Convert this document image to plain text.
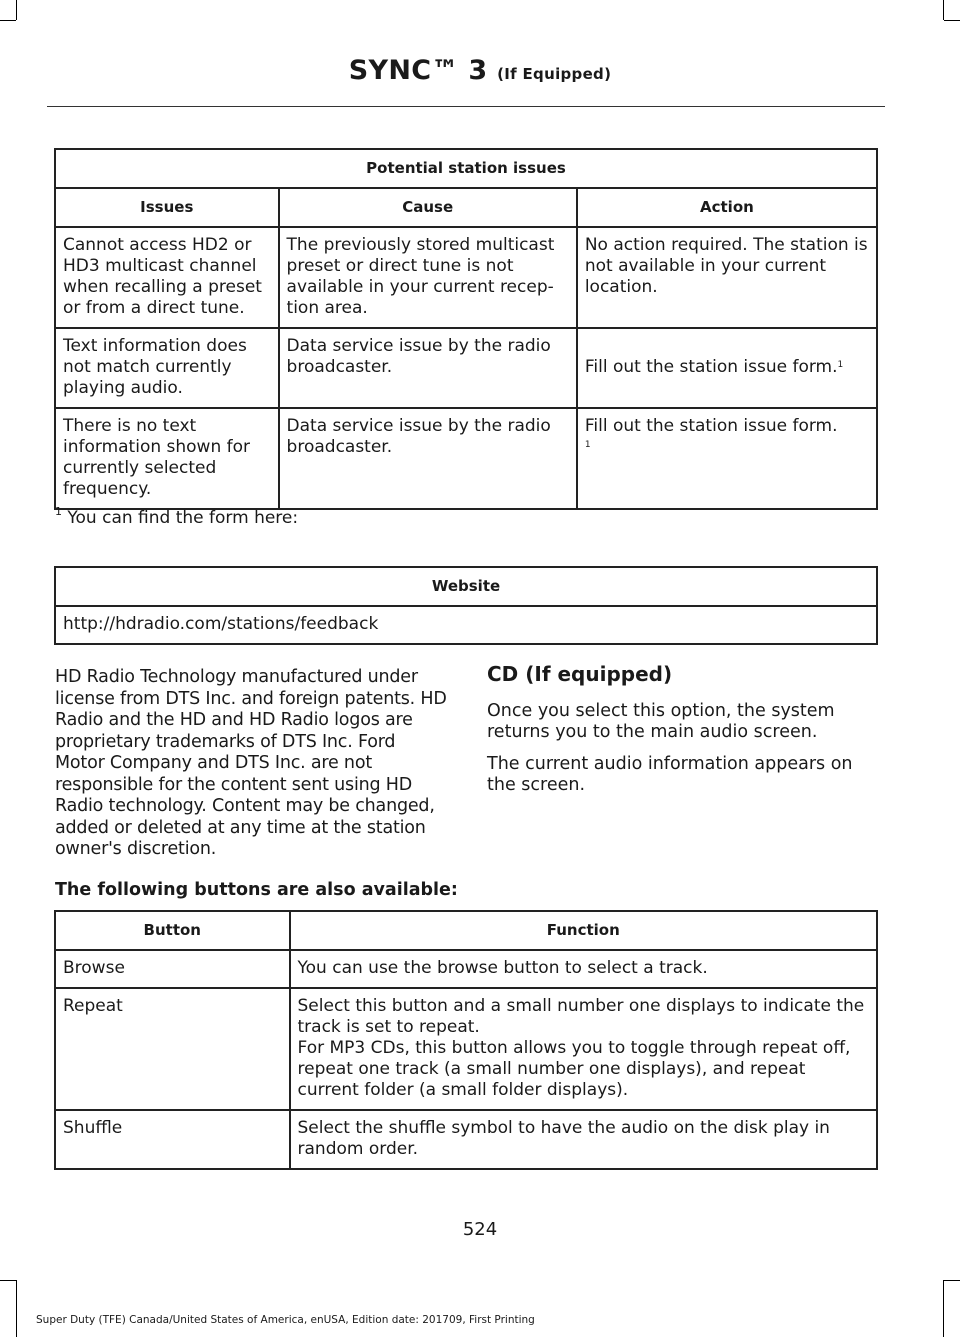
SYNC™ 3 (If Equipped)
Potential station issues		
Issues	Cause	Action
Cannot access HD2 or HD3 multicast channel when recalling a preset or from a direct tune.	The previously stored multicast preset or direct tune is not available in your current recep-tion area.	No action required. The station is not available in your current location.
Text information does not match currently playing audio.	Data service issue by the radio broadcaster.	Fill out the station issue form.$^1$
There is no text information shown for currently selected frequency.	Data service issue by the radio broadcaster.	Fill out the station issue form.
$^1$
$^1$ You can find the form here:
Website
http://hdradio.com/stations/feedback

HD Radio Technology manufactured under license from DTS Inc. and foreign patents. HD Radio and the HD and HD Radio logos are proprietary trademarks of DTS Inc. Ford Motor Company and DTS Inc. are not responsible for the content sent using HD Radio technology. Content may be changed, added or deleted at any time at the station owner's discretion.

CD (If equipped)

Once you select this option, the system returns you to the main audio screen.

The current audio information appears on the screen.

The following buttons are also available:
Button	Function
Browse	You can use the browse button to select a track.
Repeat	Select this button and a small number one displays to indicate the track is set to repeat.
For MP3 CDs, this button allows you to toggle through repeat off, repeat one track (a small number one displays), and repeat current folder (a small folder displays).

Shuffle	Select the shuffle symbol to have the audio on the disk play in random order.
524
Super Duty (TFE) Canada/United States of America, enUSA, Edition date: 201709, First Printing
